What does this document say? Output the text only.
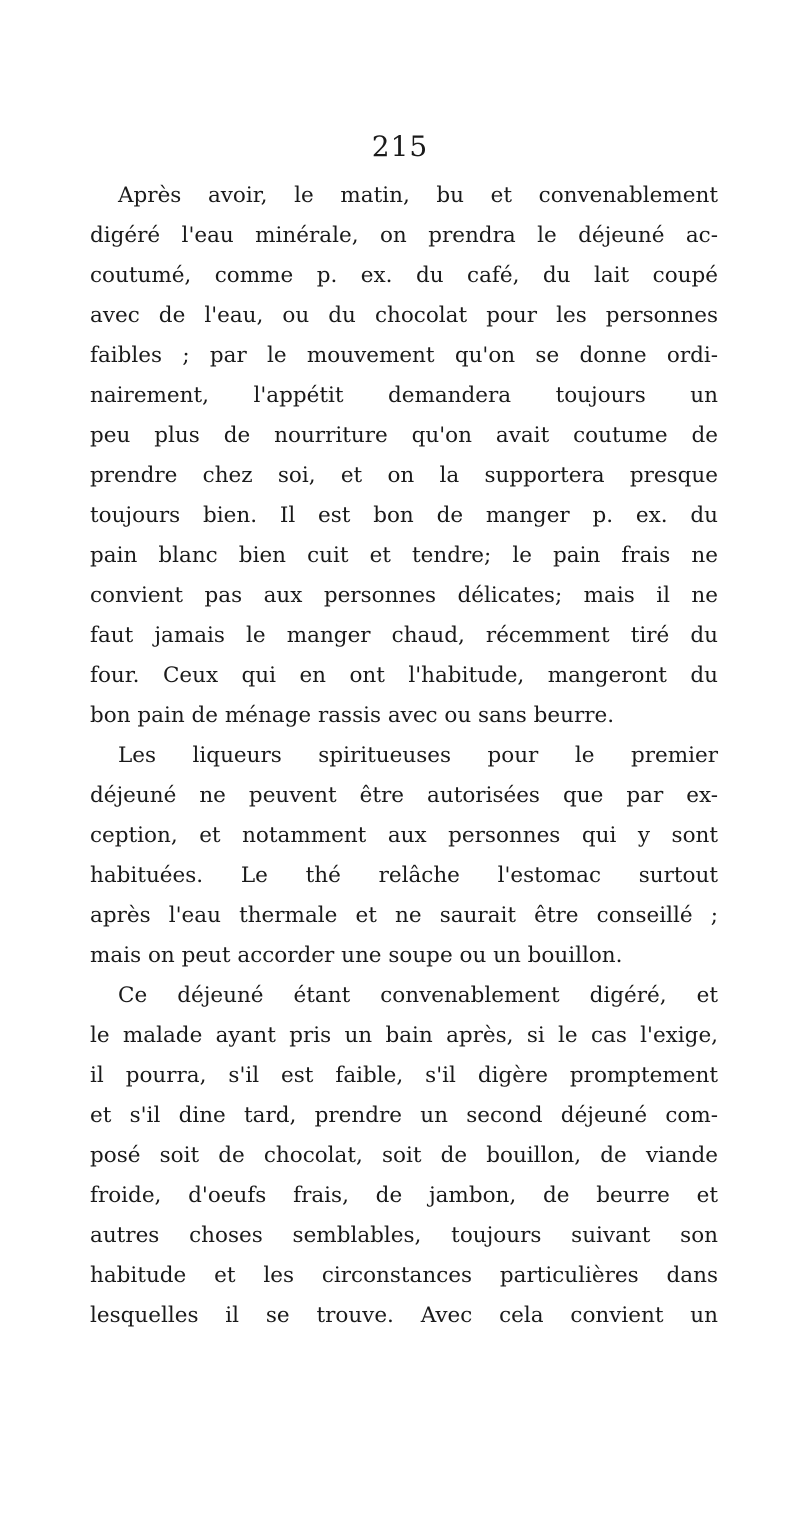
215
Après avoir, le matin, bu et convenablement
digéré l'eau minérale, on prendra le déjeuné ac-
coutumé, comme p. ex. du café, du lait coupé
avec de l'eau, ou du chocolat pour les personnes
faibles ; par le mouvement qu'on se donne ordi-
nairement, l'appétit demandera toujours un
peu plus de nourriture qu'on avait coutume de
prendre chez soi, et on la supportera presque
toujours bien. Il est bon de manger p. ex. du
pain blanc bien cuit et tendre; le pain frais ne
convient pas aux personnes délicates; mais il ne
faut jamais le manger chaud, récemment tiré du
four. Ceux qui en ont l'habitude, mangeront du
bon pain de ménage rassis avec ou sans beurre.
Les liqueurs spiritueuses pour le premier
déjeuné ne peuvent être autorisées que par ex-
ception, et notamment aux personnes qui y sont
habituées. Le thé relâche l'estomac surtout
après l'eau thermale et ne saurait être conseillé ;
mais on peut accorder une soupe ou un bouillon.
Ce déjeuné étant convenablement digéré, et
le malade ayant pris un bain après, si le cas l'exige,
il pourra, s'il est faible, s'il digère promptement
et s'il dine tard, prendre un second déjeuné com-
posé soit de chocolat, soit de bouillon, de viande
froide, d'oeufs frais, de jambon, de beurre et
autres choses semblables, toujours suivant son
habitude et les circonstances particulières dans
lesquelles il se trouve. Avec cela convient un
